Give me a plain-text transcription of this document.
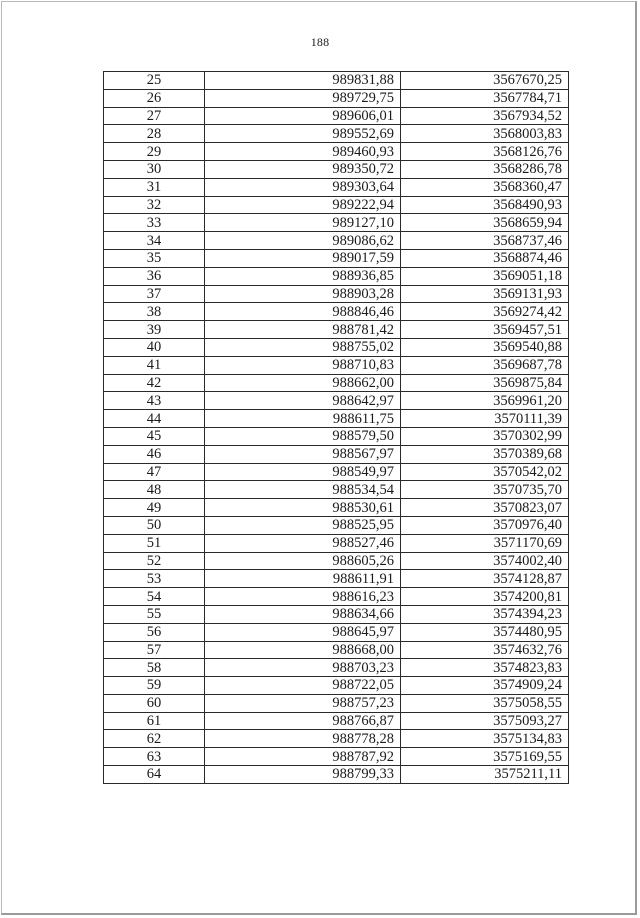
188
25	989831,88	3567670,25
26	989729,75	3567784,71
27	989606,01	3567934,52
28	989552,69	3568003,83
29	989460,93	3568126,76
30	989350,72	3568286,78
31	989303,64	3568360,47
32	989222,94	3568490,93
33	989127,10	3568659,94
34	989086,62	3568737,46
35	989017,59	3568874,46
36	988936,85	3569051,18
37	988903,28	3569131,93
38	988846,46	3569274,42
39	988781,42	3569457,51
40	988755,02	3569540,88
41	988710,83	3569687,78
42	988662,00	3569875,84
43	988642,97	3569961,20
44	988611,75	3570111,39
45	988579,50	3570302,99
46	988567,97	3570389,68
47	988549,97	3570542,02
48	988534,54	3570735,70
49	988530,61	3570823,07
50	988525,95	3570976,40
51	988527,46	3571170,69
52	988605,26	3574002,40
53	988611,91	3574128,87
54	988616,23	3574200,81
55	988634,66	3574394,23
56	988645,97	3574480,95
57	988668,00	3574632,76
58	988703,23	3574823,83
59	988722,05	3574909,24
60	988757,23	3575058,55
61	988766,87	3575093,27
62	988778,28	3575134,83
63	988787,92	3575169,55
64	988799,33	3575211,11
